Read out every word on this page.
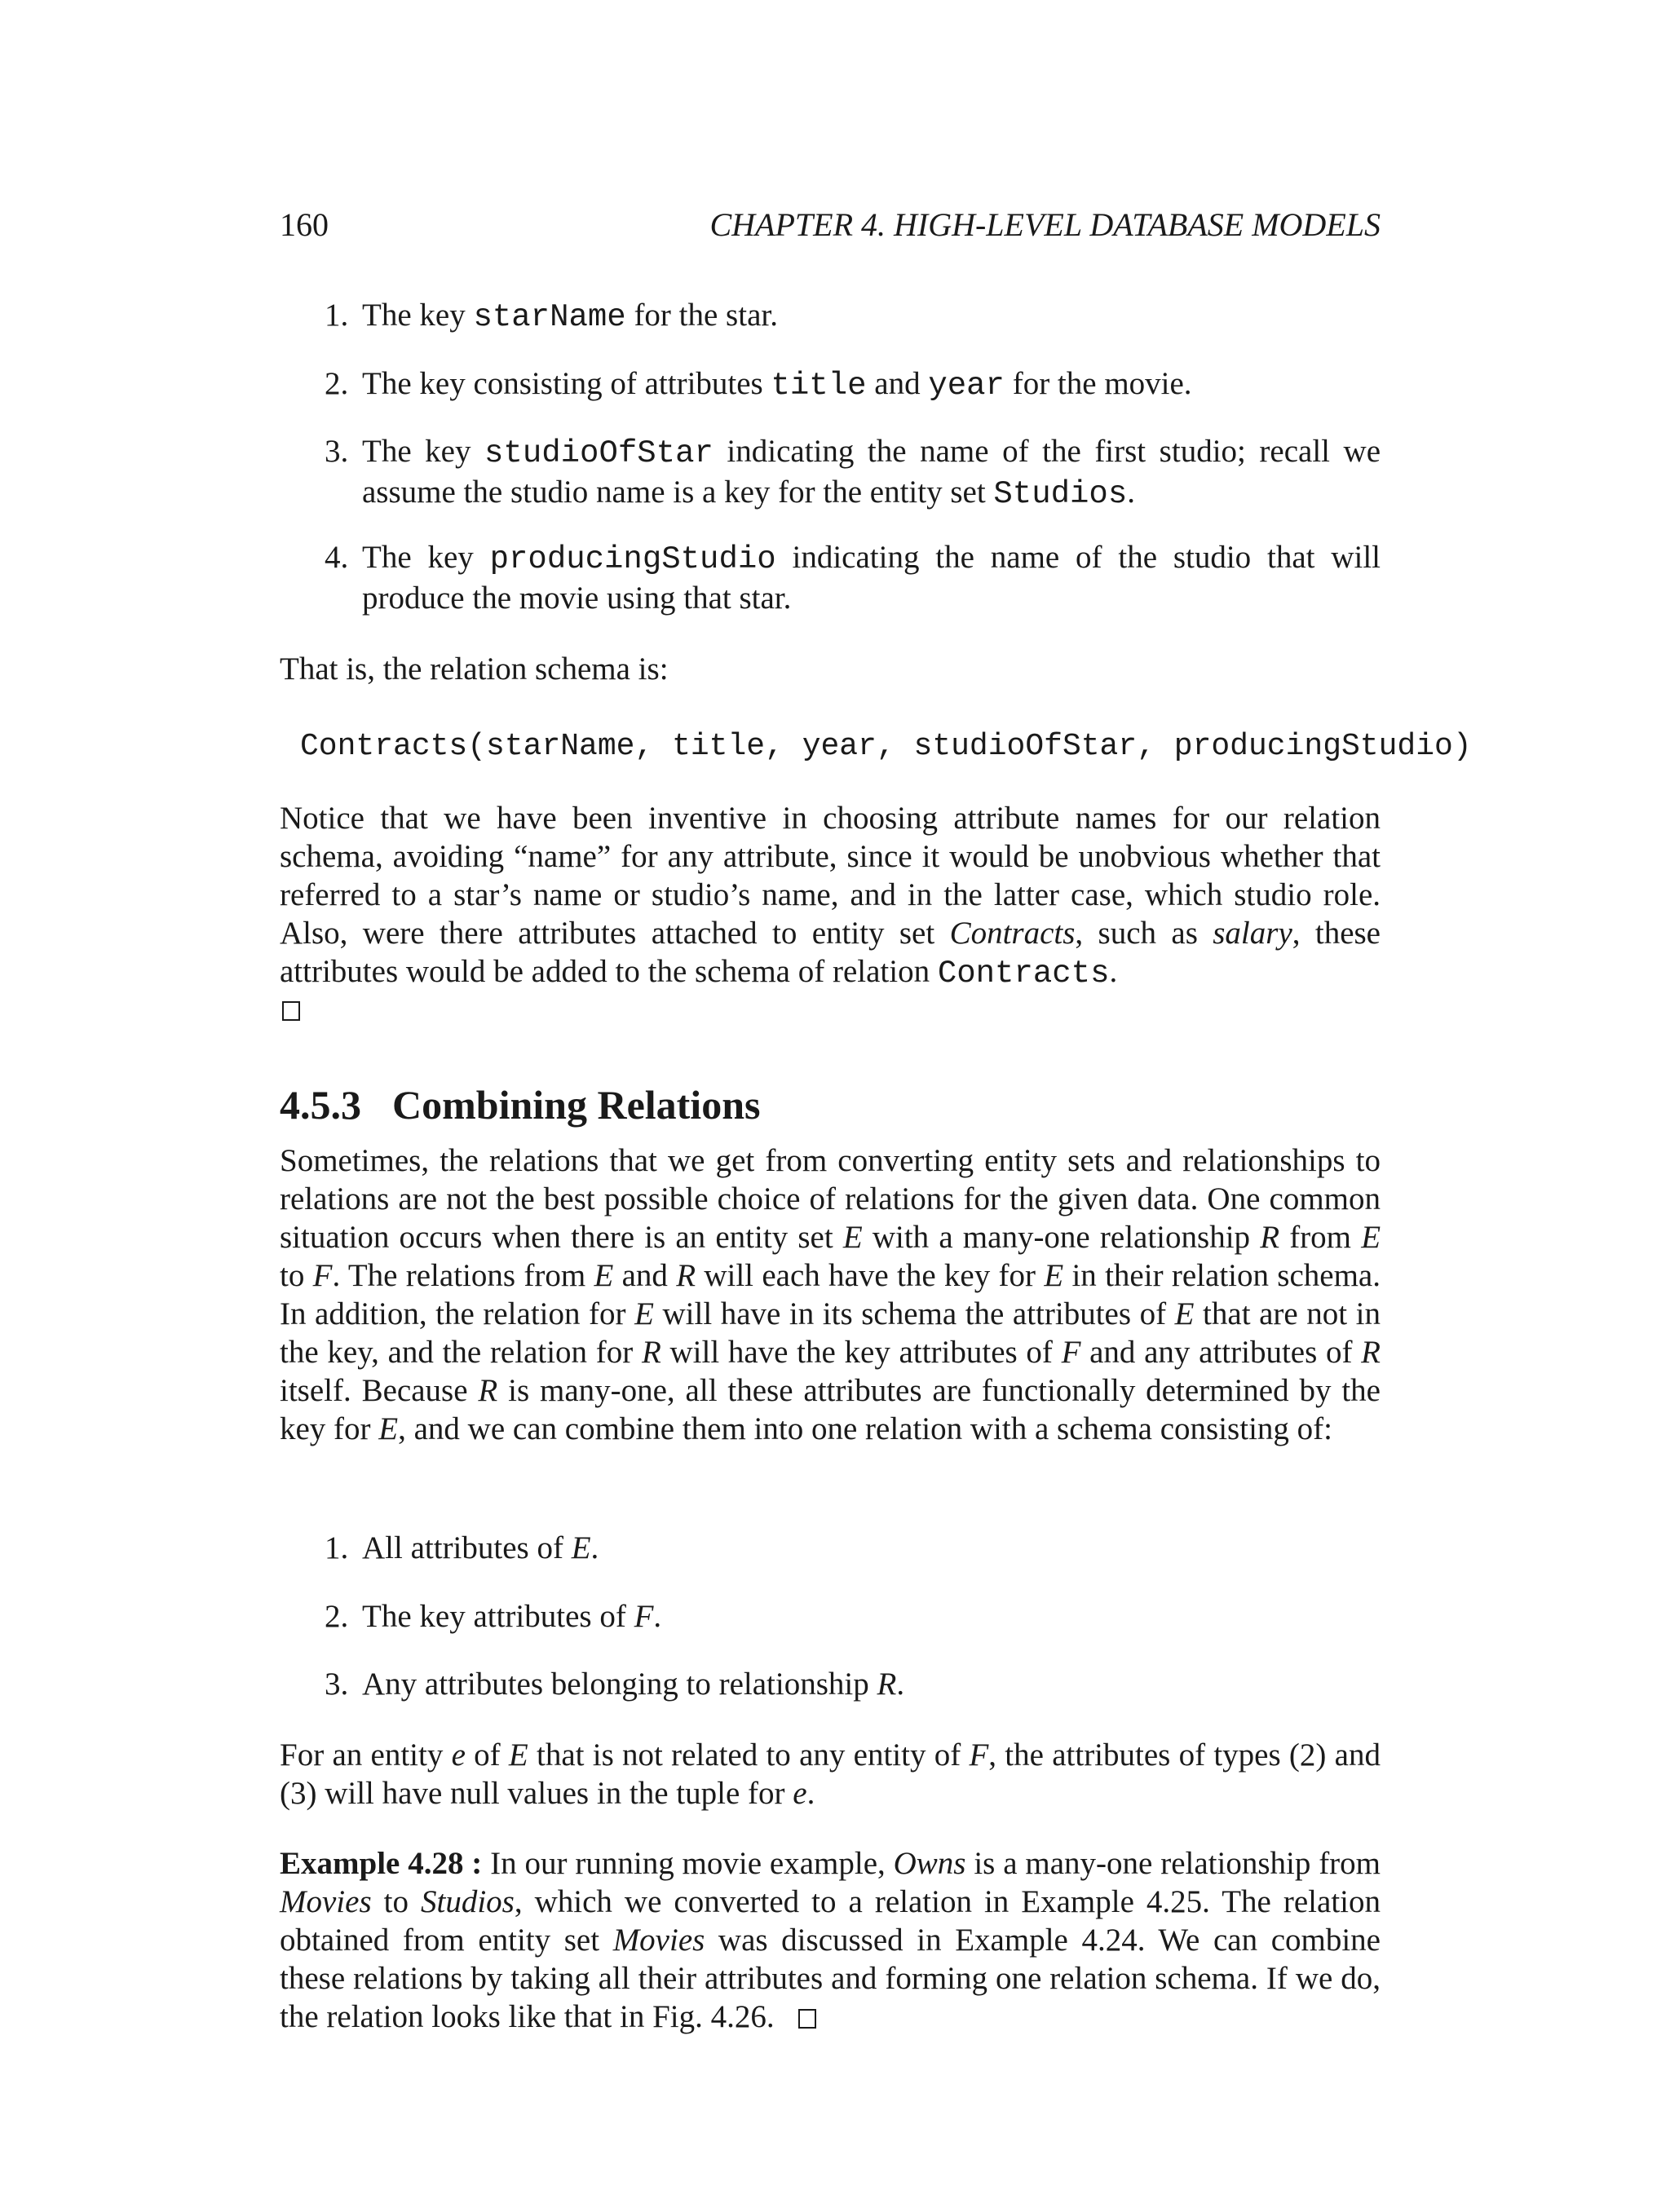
160	CHAPTER 4. HIGH-LEVEL DATABASE MODELS
1. The key starName for the star.
2. The key consisting of attributes title and year for the movie.
3. The key studioOfStar indicating the name of the first studio; recall we assume the studio name is a key for the entity set Studios.
4. The key producingStudio indicating the name of the studio that will produce the movie using that star.
That is, the relation schema is:
Contracts(starName, title, year, studioOfStar, producingStudio)
Notice that we have been inventive in choosing attribute names for our relation schema, avoiding “name” for any attribute, since it would be unobvious whether that referred to a star’s name or studio’s name, and in the latter case, which studio role. Also, were there attributes attached to entity set Contracts, such as salary, these attributes would be added to the schema of relation Contracts.
4.5.3 Combining Relations
Sometimes, the relations that we get from converting entity sets and relationships to relations are not the best possible choice of relations for the given data. One common situation occurs when there is an entity set E with a many-one relationship R from E to F. The relations from E and R will each have the key for E in their relation schema. In addition, the relation for E will have in its schema the attributes of E that are not in the key, and the relation for R will have the key attributes of F and any attributes of R itself. Because R is many-one, all these attributes are functionally determined by the key for E, and we can combine them into one relation with a schema consisting of:
1. All attributes of E.
2. The key attributes of F.
3. Any attributes belonging to relationship R.
For an entity e of E that is not related to any entity of F, the attributes of types (2) and (3) will have null values in the tuple for e.
Example 4.28 : In our running movie example, Owns is a many-one relationship from Movies to Studios, which we converted to a relation in Example 4.25. The relation obtained from entity set Movies was discussed in Example 4.24. We can combine these relations by taking all their attributes and forming one relation schema. If we do, the relation looks like that in Fig. 4.26.
